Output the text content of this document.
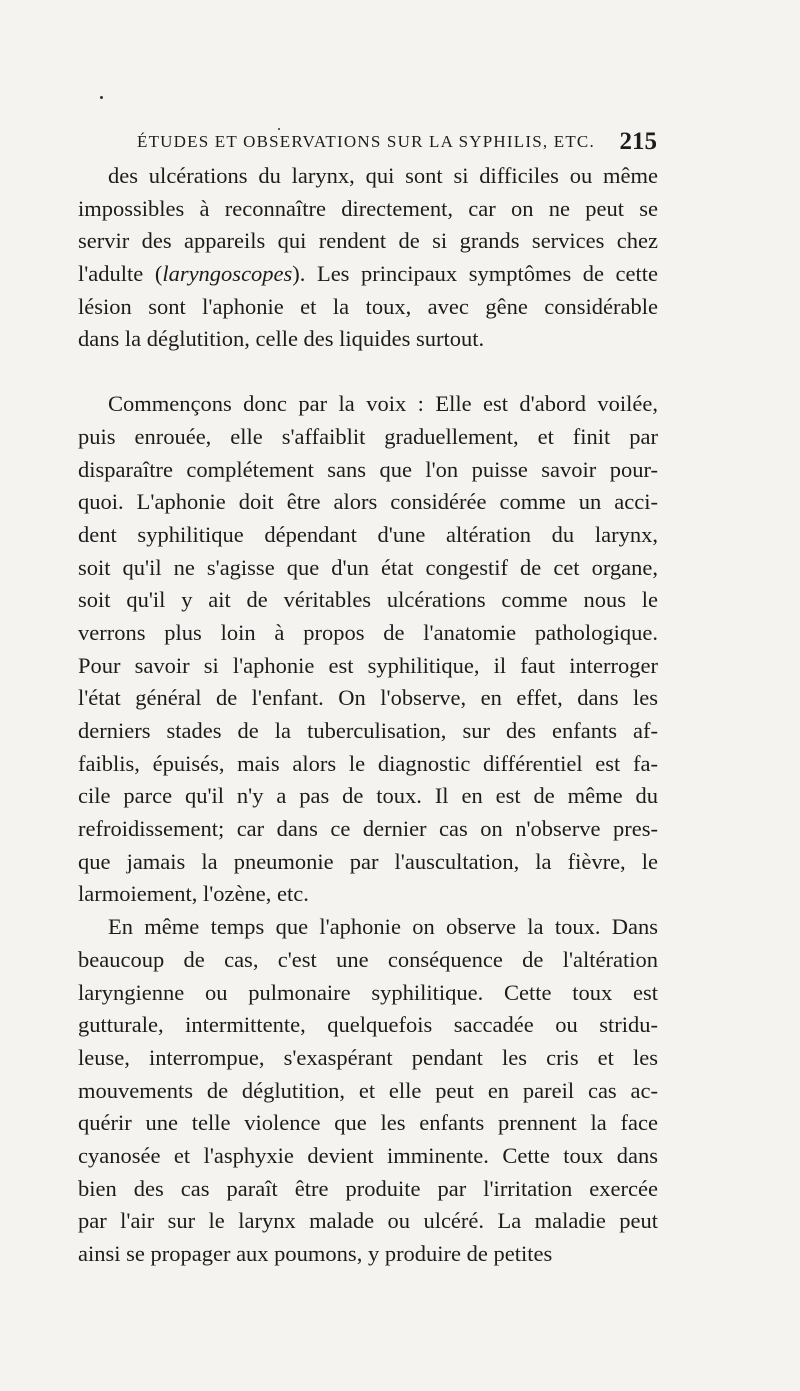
ÉTUDES ET OBSERVATIONS SUR LA SYPHILIS, ETC. 215
des ulcérations du larynx, qui sont si difficiles ou même
impossibles à reconnaître directement, car on ne peut se
servir des appareils qui rendent de si grands services chez
l'adulte (laryngoscopes). Les principaux symptômes de cette
lésion sont l'aphonie et la toux, avec gêne considérable
dans la déglutition, celle des liquides surtout.
Commençons donc par la voix : Elle est d'abord voilée,
puis enrouée, elle s'affaiblit graduellement, et finit par
disparaître complétement sans que l'on puisse savoir pour-
quoi. L'aphonie doit être alors considérée comme un acci-
dent syphilitique dépendant d'une altération du larynx,
soit qu'il ne s'agisse que d'un état congestif de cet organe,
soit qu'il y ait de véritables ulcérations comme nous le
verrons plus loin à propos de l'anatomie pathologique.
Pour savoir si l'aphonie est syphilitique, il faut interroger
l'état général de l'enfant. On l'observe, en effet, dans les
derniers stades de la tuberculisation, sur des enfants af-
faiblis, épuisés, mais alors le diagnostic différentiel est fa-
cile parce qu'il n'y a pas de toux. Il en est de même du
refroidissement; car dans ce dernier cas on n'observe pres-
que jamais la pneumonie par l'auscultation, la fièvre, le
larmoiement, l'ozène, etc.
En même temps que l'aphonie on observe la toux. Dans
beaucoup de cas, c'est une conséquence de l'altération
laryngienne ou pulmonaire syphilitique. Cette toux est
gutturale, intermittente, quelquefois saccadée ou stridu-
leuse, interrompue, s'exaspérant pendant les cris et les
mouvements de déglutition, et elle peut en pareil cas ac-
quérir une telle violence que les enfants prennent la face
cyanosée et l'asphyxie devient imminente. Cette toux dans
bien des cas paraît être produite par l'irritation exercée
par l'air sur le larynx malade ou ulcéré. La maladie peut
ainsi se propager aux poumons, y produire de petites
